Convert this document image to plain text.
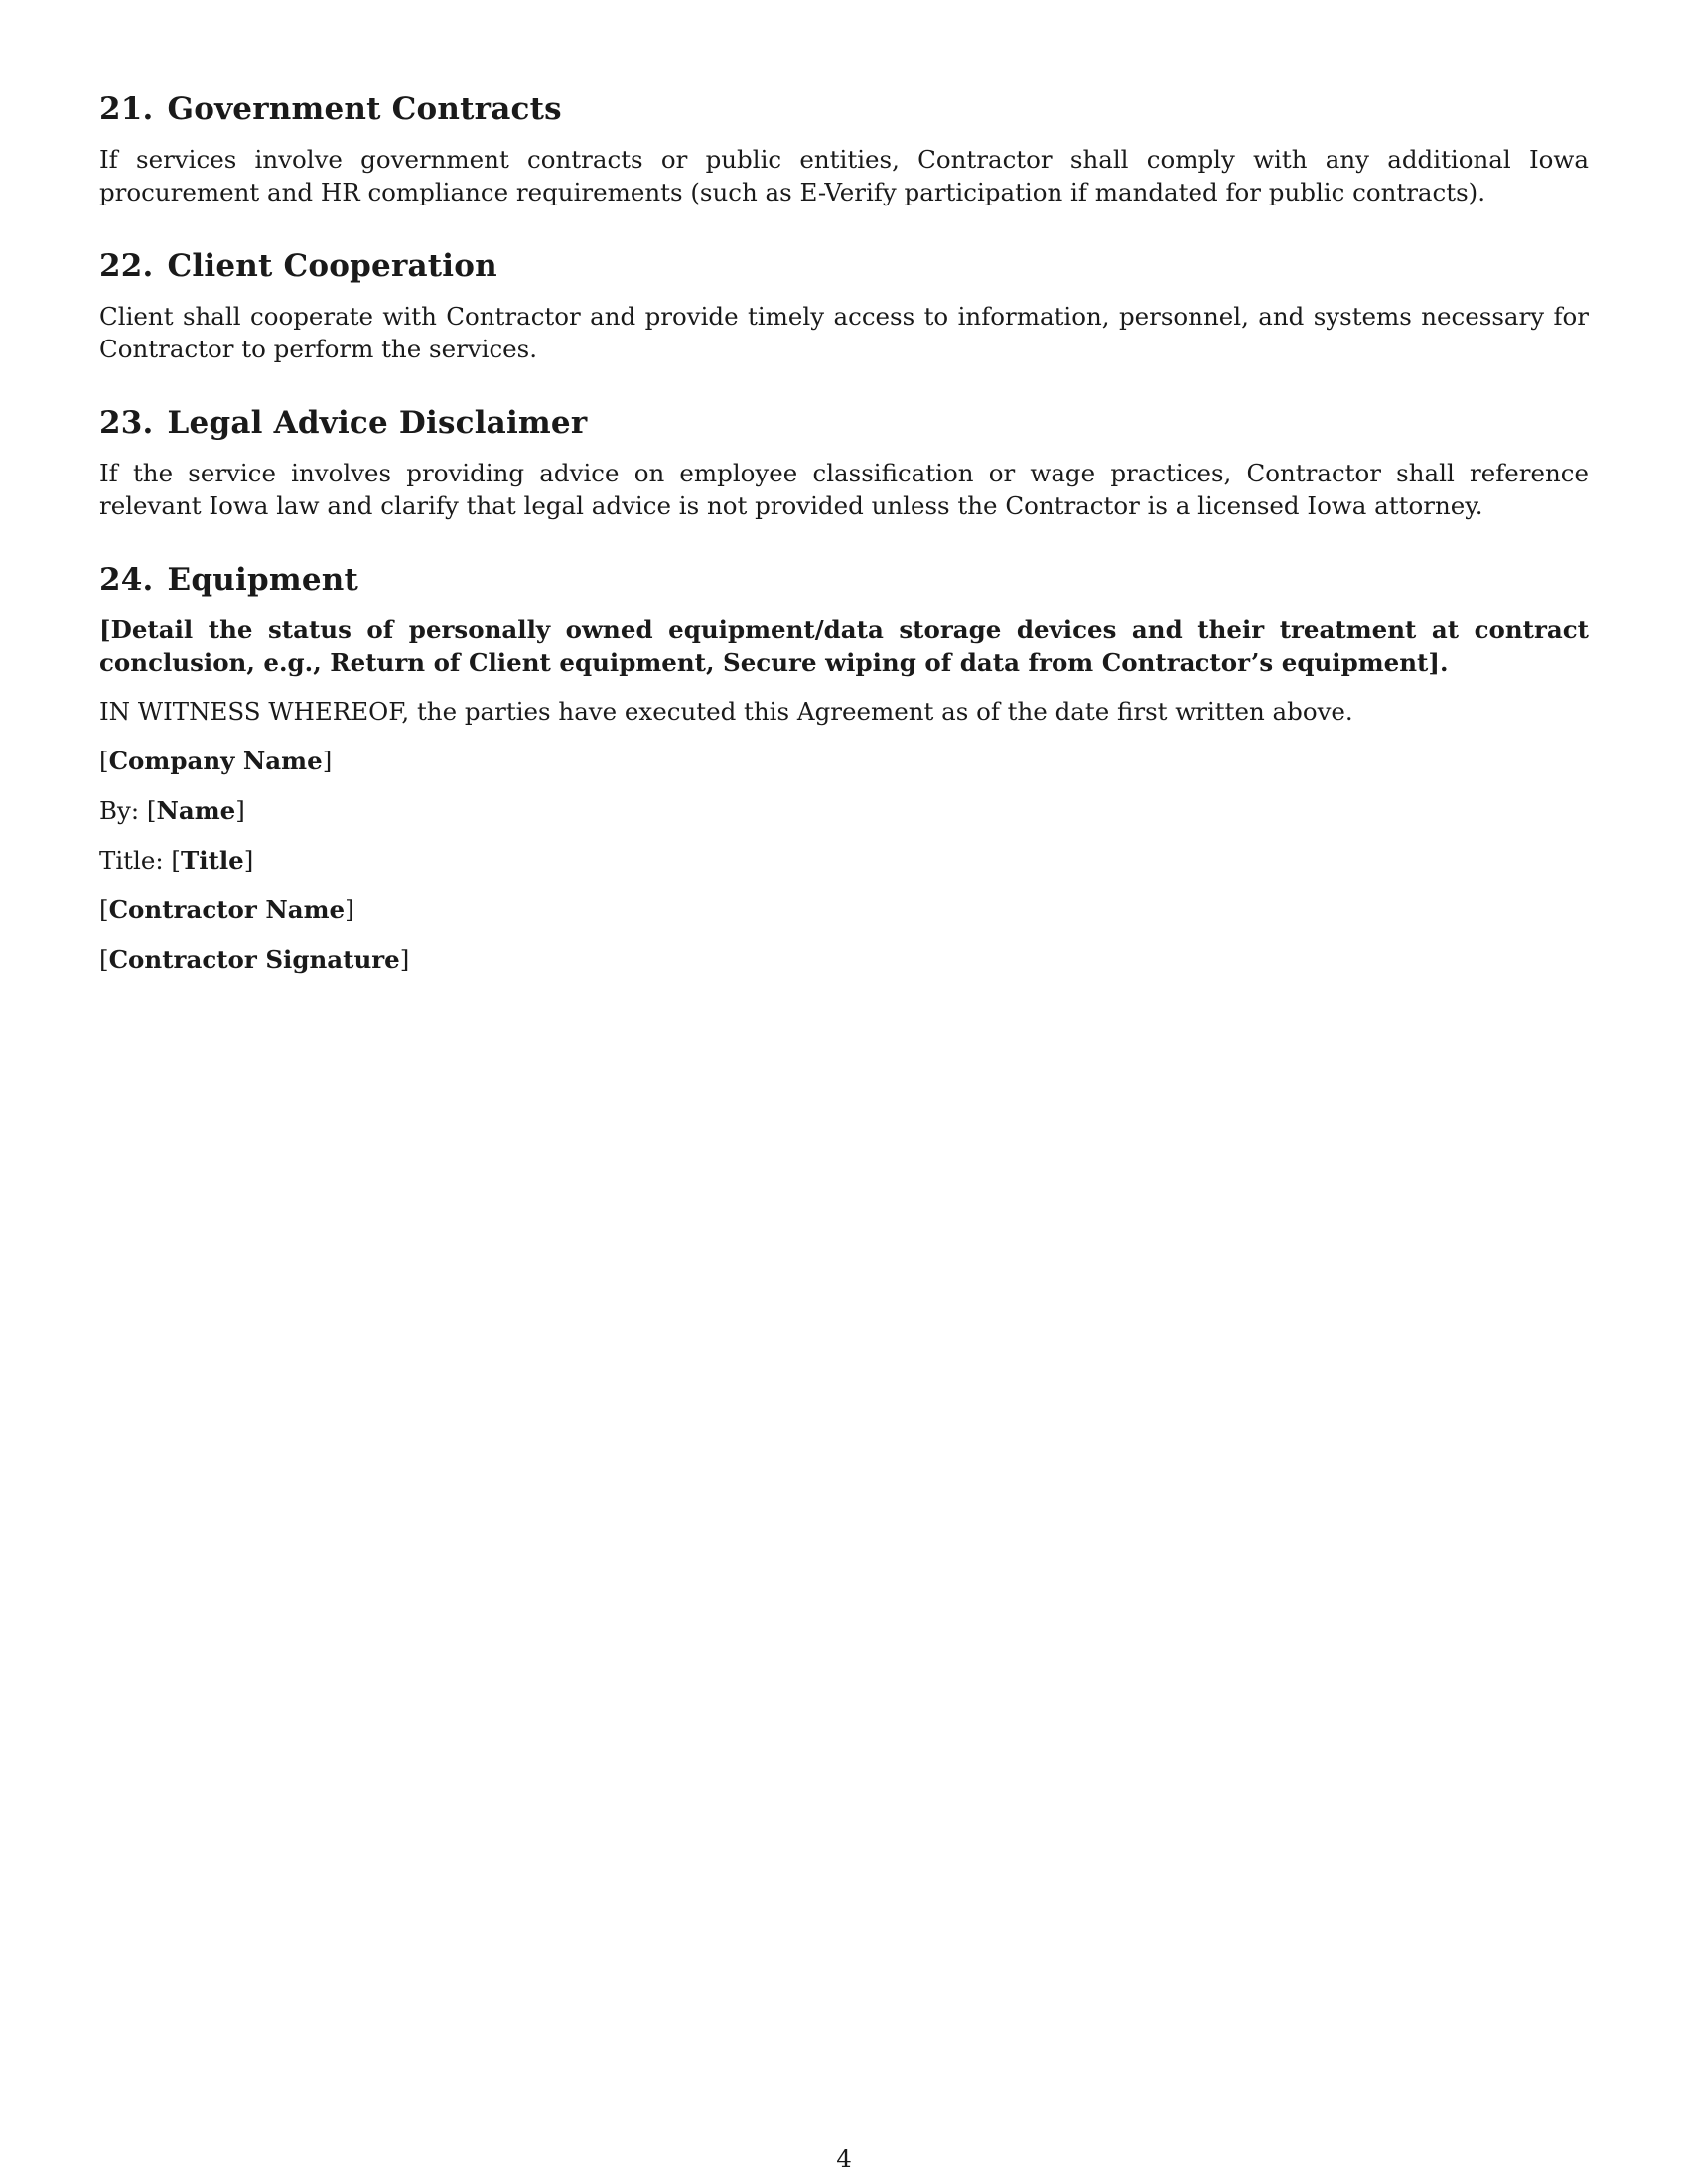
21. Government Contracts

If services involve government contracts or public entities, Contractor shall comply with any additional Iowa procurement and HR compliance requirements (such as E-Verify participation if mandated for public contracts).

22. Client Cooperation

Client shall cooperate with Contractor and provide timely access to information, personnel, and systems necessary for Contractor to perform the services.

23. Legal Advice Disclaimer

If the service involves providing advice on employee classification or wage practices, Contractor shall reference relevant Iowa law and clarify that legal advice is not provided unless the Contractor is a licensed Iowa attorney.

24. Equipment

[Detail the status of personally owned equipment/data storage devices and their treatment at contract conclusion, e.g., Return of Client equipment, Secure wiping of data from Contractor’s equipment].

IN WITNESS WHEREOF, the parties have executed this Agreement as of the date first written above.

[Company Name]

By: [Name]

Title: [Title]

[Contractor Name]

[Contractor Signature]

4
